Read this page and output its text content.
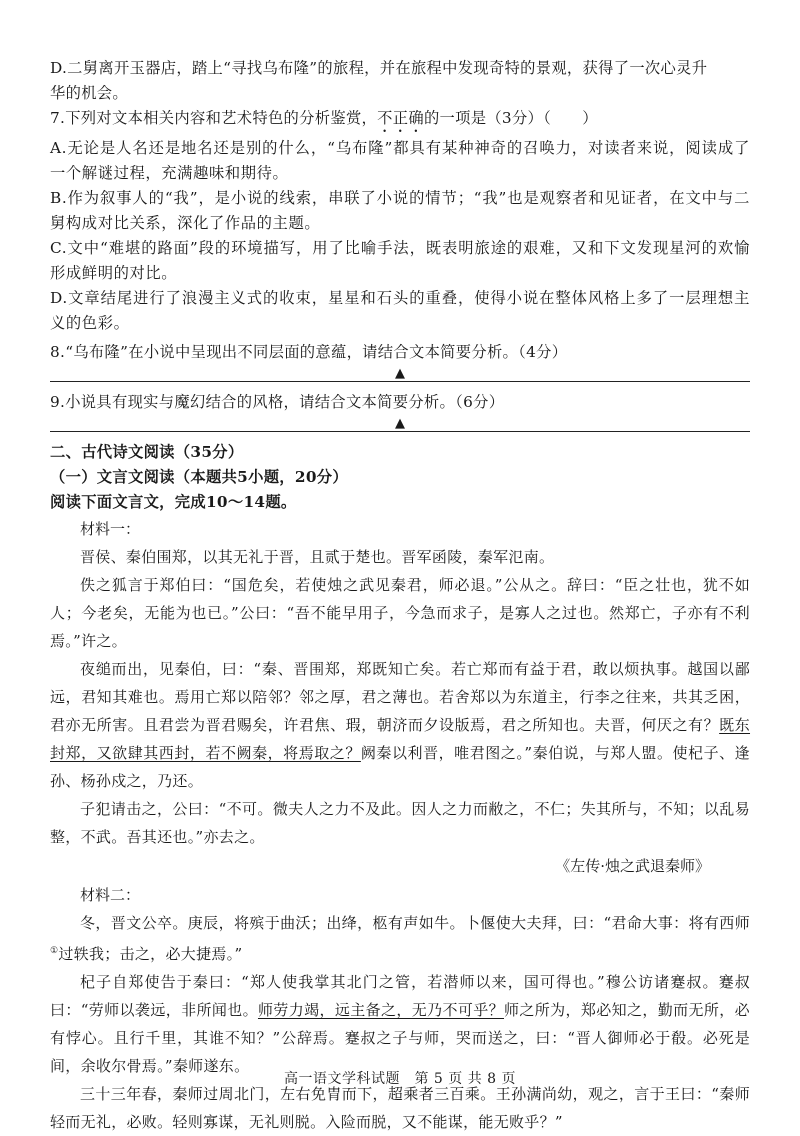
D.二舅离开玉器店，踏上“寻找乌布隆”的旅程，并在旅程中发现奇特的景观，获得了一次心灵升

华的机会。

7.下列对文本相关内容和艺术特色的分析鉴赏，不正确的一项是（3分）（　　）

A.无论是人名还是地名还是别的什么，“乌布隆”都具有某种神奇的召唤力，对读者来说，阅读成了一个解谜过程，充满趣味和期待。

B.作为叙事人的“我”，是小说的线索，串联了小说的情节；“我”也是观察者和见证者，在文中与二舅构成对比关系，深化了作品的主题。

C.文中“难堪的路面”段的环境描写，用了比喻手法，既表明旅途的艰难，又和下文发现星河的欢愉形成鲜明的对比。

D.文章结尾进行了浪漫主义式的收束，星星和石头的重叠，使得小说在整体风格上多了一层理想主义的色彩。

8.“乌布隆”在小说中呈现出不同层面的意蕴，请结合文本简要分析。（4分）

▲

9.小说具有现实与魔幻结合的风格，请结合文本简要分析。（6分）

▲

二、古代诗文阅读（35分）

（一）文言文阅读（本题共5小题，20分）

阅读下面文言文，完成10～14题。

材料一：

晋侯、秦伯围郑，以其无礼于晋，且贰于楚也。晋军函陵，秦军氾南。

佚之狐言于郑伯曰：“国危矣，若使烛之武见秦君，师必退。”公从之。辞曰：“臣之壮也，犹不如人；今老矣，无能为也已。”公曰：“吾不能早用子，今急而求子，是寡人之过也。然郑亡，子亦有不利焉。”许之。

夜缒而出，见秦伯，曰：“秦、晋围郑，郑既知亡矣。若亡郑而有益于君，敢以烦执事。越国以鄙远，君知其难也。焉用亡郑以陪邻？邻之厚，君之薄也。若舍郑以为东道主，行李之往来，共其乏困，君亦无所害。且君尝为晋君赐矣，许君焦、瑕，朝济而夕设版焉，君之所知也。夫晋，何厌之有？既东封郑，又欲肆其西封，若不阙秦，将焉取之？阙秦以利晋，唯君图之。”秦伯说，与郑人盟。使杞子、逢孙、杨孙戍之，乃还。

子犯请击之，公曰：“不可。微夫人之力不及此。因人之力而敝之，不仁；失其所与，不知；以乱易整，不武。吾其还也。”亦去之。

《左传·烛之武退秦师》

材料二：

冬，晋文公卒。庚辰，将殡于曲沃；出绛，柩有声如牛。卜偃使大夫拜，曰：“君命大事：将有西师①过轶我；击之，必大捷焉。”

杞子自郑使告于秦曰：“郑人使我掌其北门之管，若潜师以来，国可得也。”穆公访诸蹇叔。蹇叔曰：“劳师以袭远，非所闻也。师劳力竭，远主备之，无乃不可乎？师之所为，郑必知之，勤而无所，必有悖心。且行千里，其谁不知？”公辞焉。蹇叔之子与师，哭而送之，曰：“晋人御师必于殽。必死是间，余收尔骨焉。”秦师遂东。

三十三年春，秦师过周北门，左右免胄而下，超乘者三百乘。王孙满尚幼，观之，言于王曰：“秦师轻而无礼，必败。轻则寡谋，无礼则脱。入险而脱，又不能谋，能无败乎？”

高一语文学科试题　第 5 页 共 8 页
